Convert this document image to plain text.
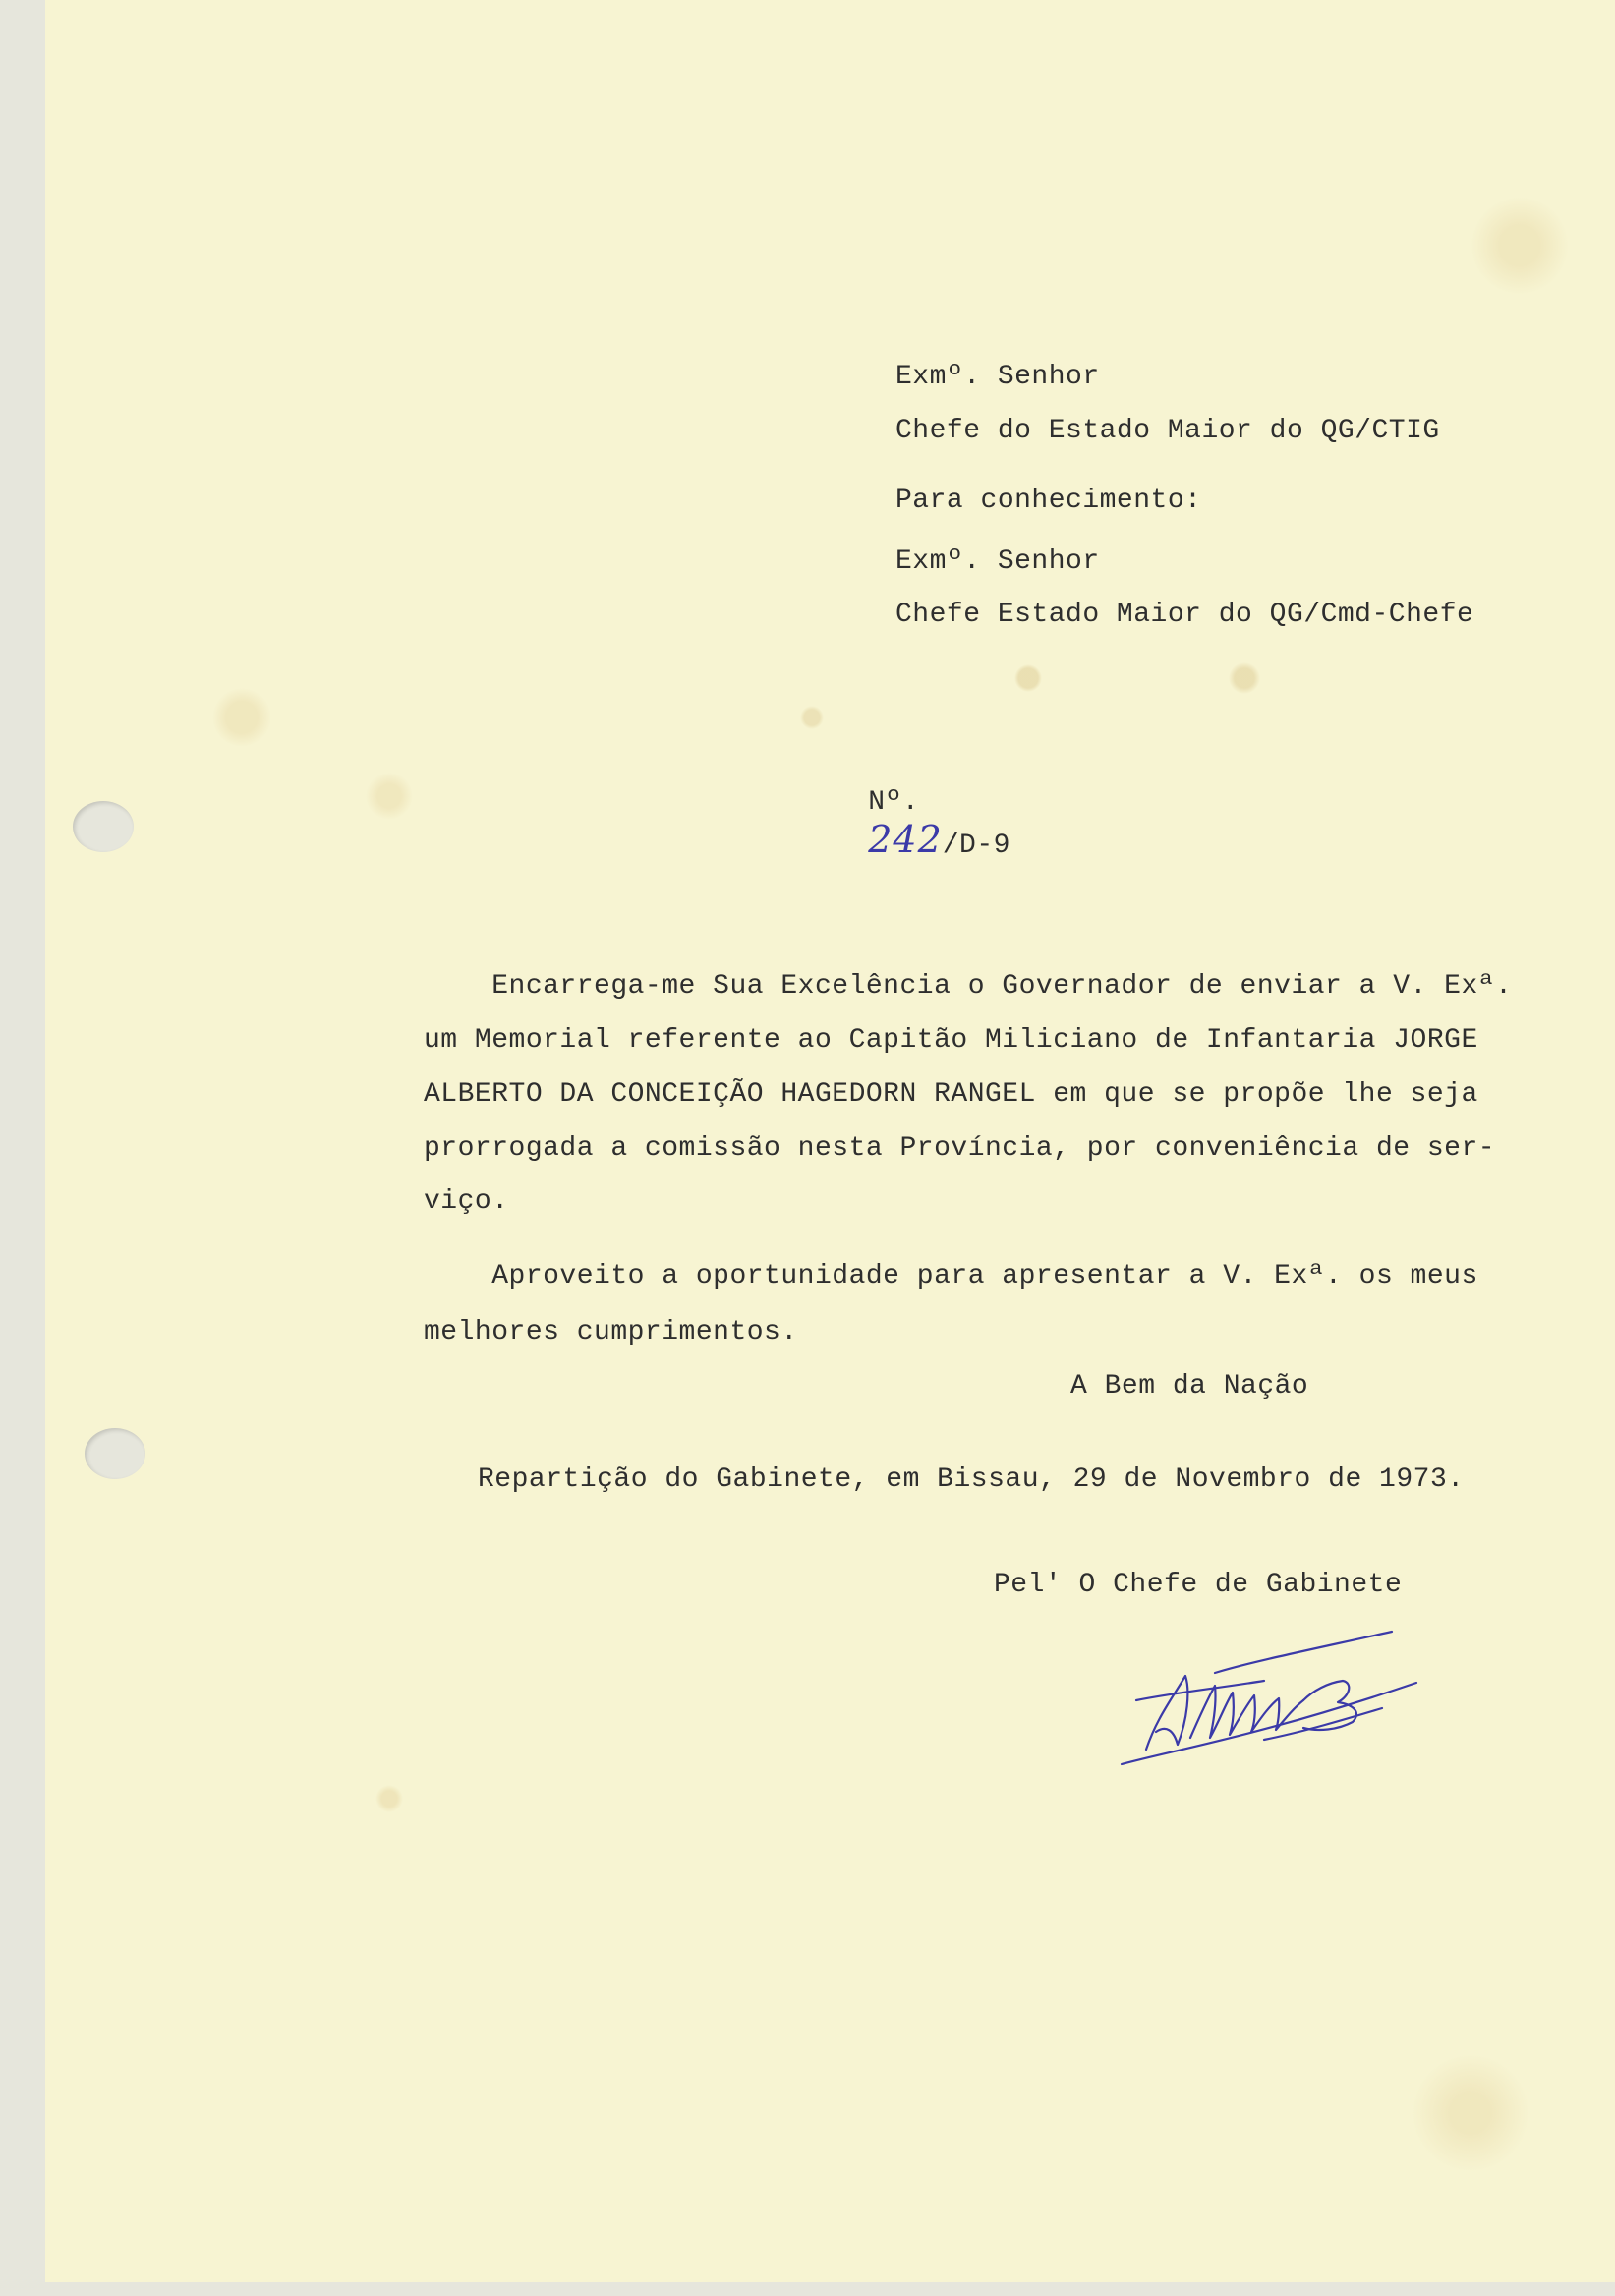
Exmº. Senhor
Chefe do Estado Maior do QG/CTIG
Para conhecimento:
Exmº. Senhor
Chefe Estado Maior do QG/Cmd-Chefe

Nº.
242/D-9

Encarrega-me Sua Excelência o Governador de enviar a V. Exª.
um Memorial referente ao Capitão Miliciano de Infantaria JORGE
ALBERTO DA CONCEIÇÃO HAGEDORN RANGEL em que se propõe lhe seja
prorrogada a comissão nesta Província, por conveniência de ser-
viço.
Aproveito a oportunidade para apresentar a V. Exª. os meus
melhores cumprimentos.
A Bem da Nação
Repartição do Gabinete, em Bissau, 29 de Novembro de 1973.
Pel' O Chefe de Gabinete
